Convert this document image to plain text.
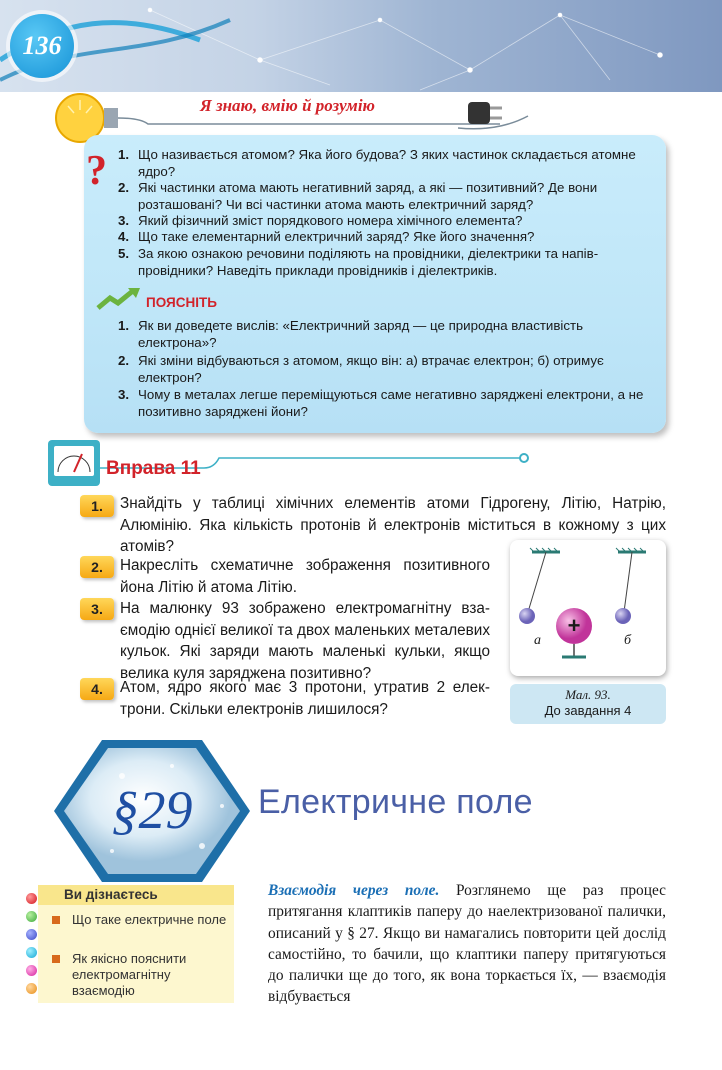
136
Я знаю, вмію й розумію
1. Що називається атомом? Яка його будова? З яких частинок складається атомне ядро?
2. Які частинки атома мають негативний заряд, а які — позитивний? Де вони розташовані? Чи всі частинки атома мають електричний заряд?
3. Який фізичний зміст порядкового номера хімічного елемента?
4. Що таке елементарний електричний заряд? Яке його значення?
5. За якою ознакою речовини поділяють на провідники, діелектрики та напівпровідники? Наведіть приклади провідників і діелектриків.
1. Як ви доведете вислів: «Електричний заряд — це природна властивість електрона»?
2. Які зміни відбуваються з атомом, якщо він: а) втрачає електрон; б) отримує електрон?
3. Чому в металах легше переміщуються саме негативно заряджені електрони, а не позитивно заряджені йони?
?
ПОЯСНІТЬ
Вправа 11
1.	Знайдіть у таблиці хімічних елементів атоми Гідрогену, Літію, Натрію, Алюмінію. Яка кількість протонів й електронів міститься в кожному з цих атомів?
2.	Накресліть схематичне зображення позитивного йона Літію й атома Літію.
3.	На малюнку 93 зображено електромагнітну взаємодію однієї великої та двох маленьких металевих кульок. Які заряди мають маленькі кульки, якщо велика куля заряджена позитивно?
4.	Атом, ядро якого має 3 протони, утратив 2 електрони. Скільки електронів лишилося?
+
а	б
Мал. 93.
До завдання 4
§29 Електричне поле
Ви дізнаєтесь
Що таке електричне поле
Як якісно пояснити електромагнітну взаємодію
Взаємодія через поле. Розглянемо ще раз процес притягання клаптиків паперу до наелектризованої палички, описаний у § 27. Якщо ви намагались повторити цей дослід самостійно, то бачили, що клаптики паперу притягуються до палички ще до того, як вона торкається їх, — взаємодія відбувається
